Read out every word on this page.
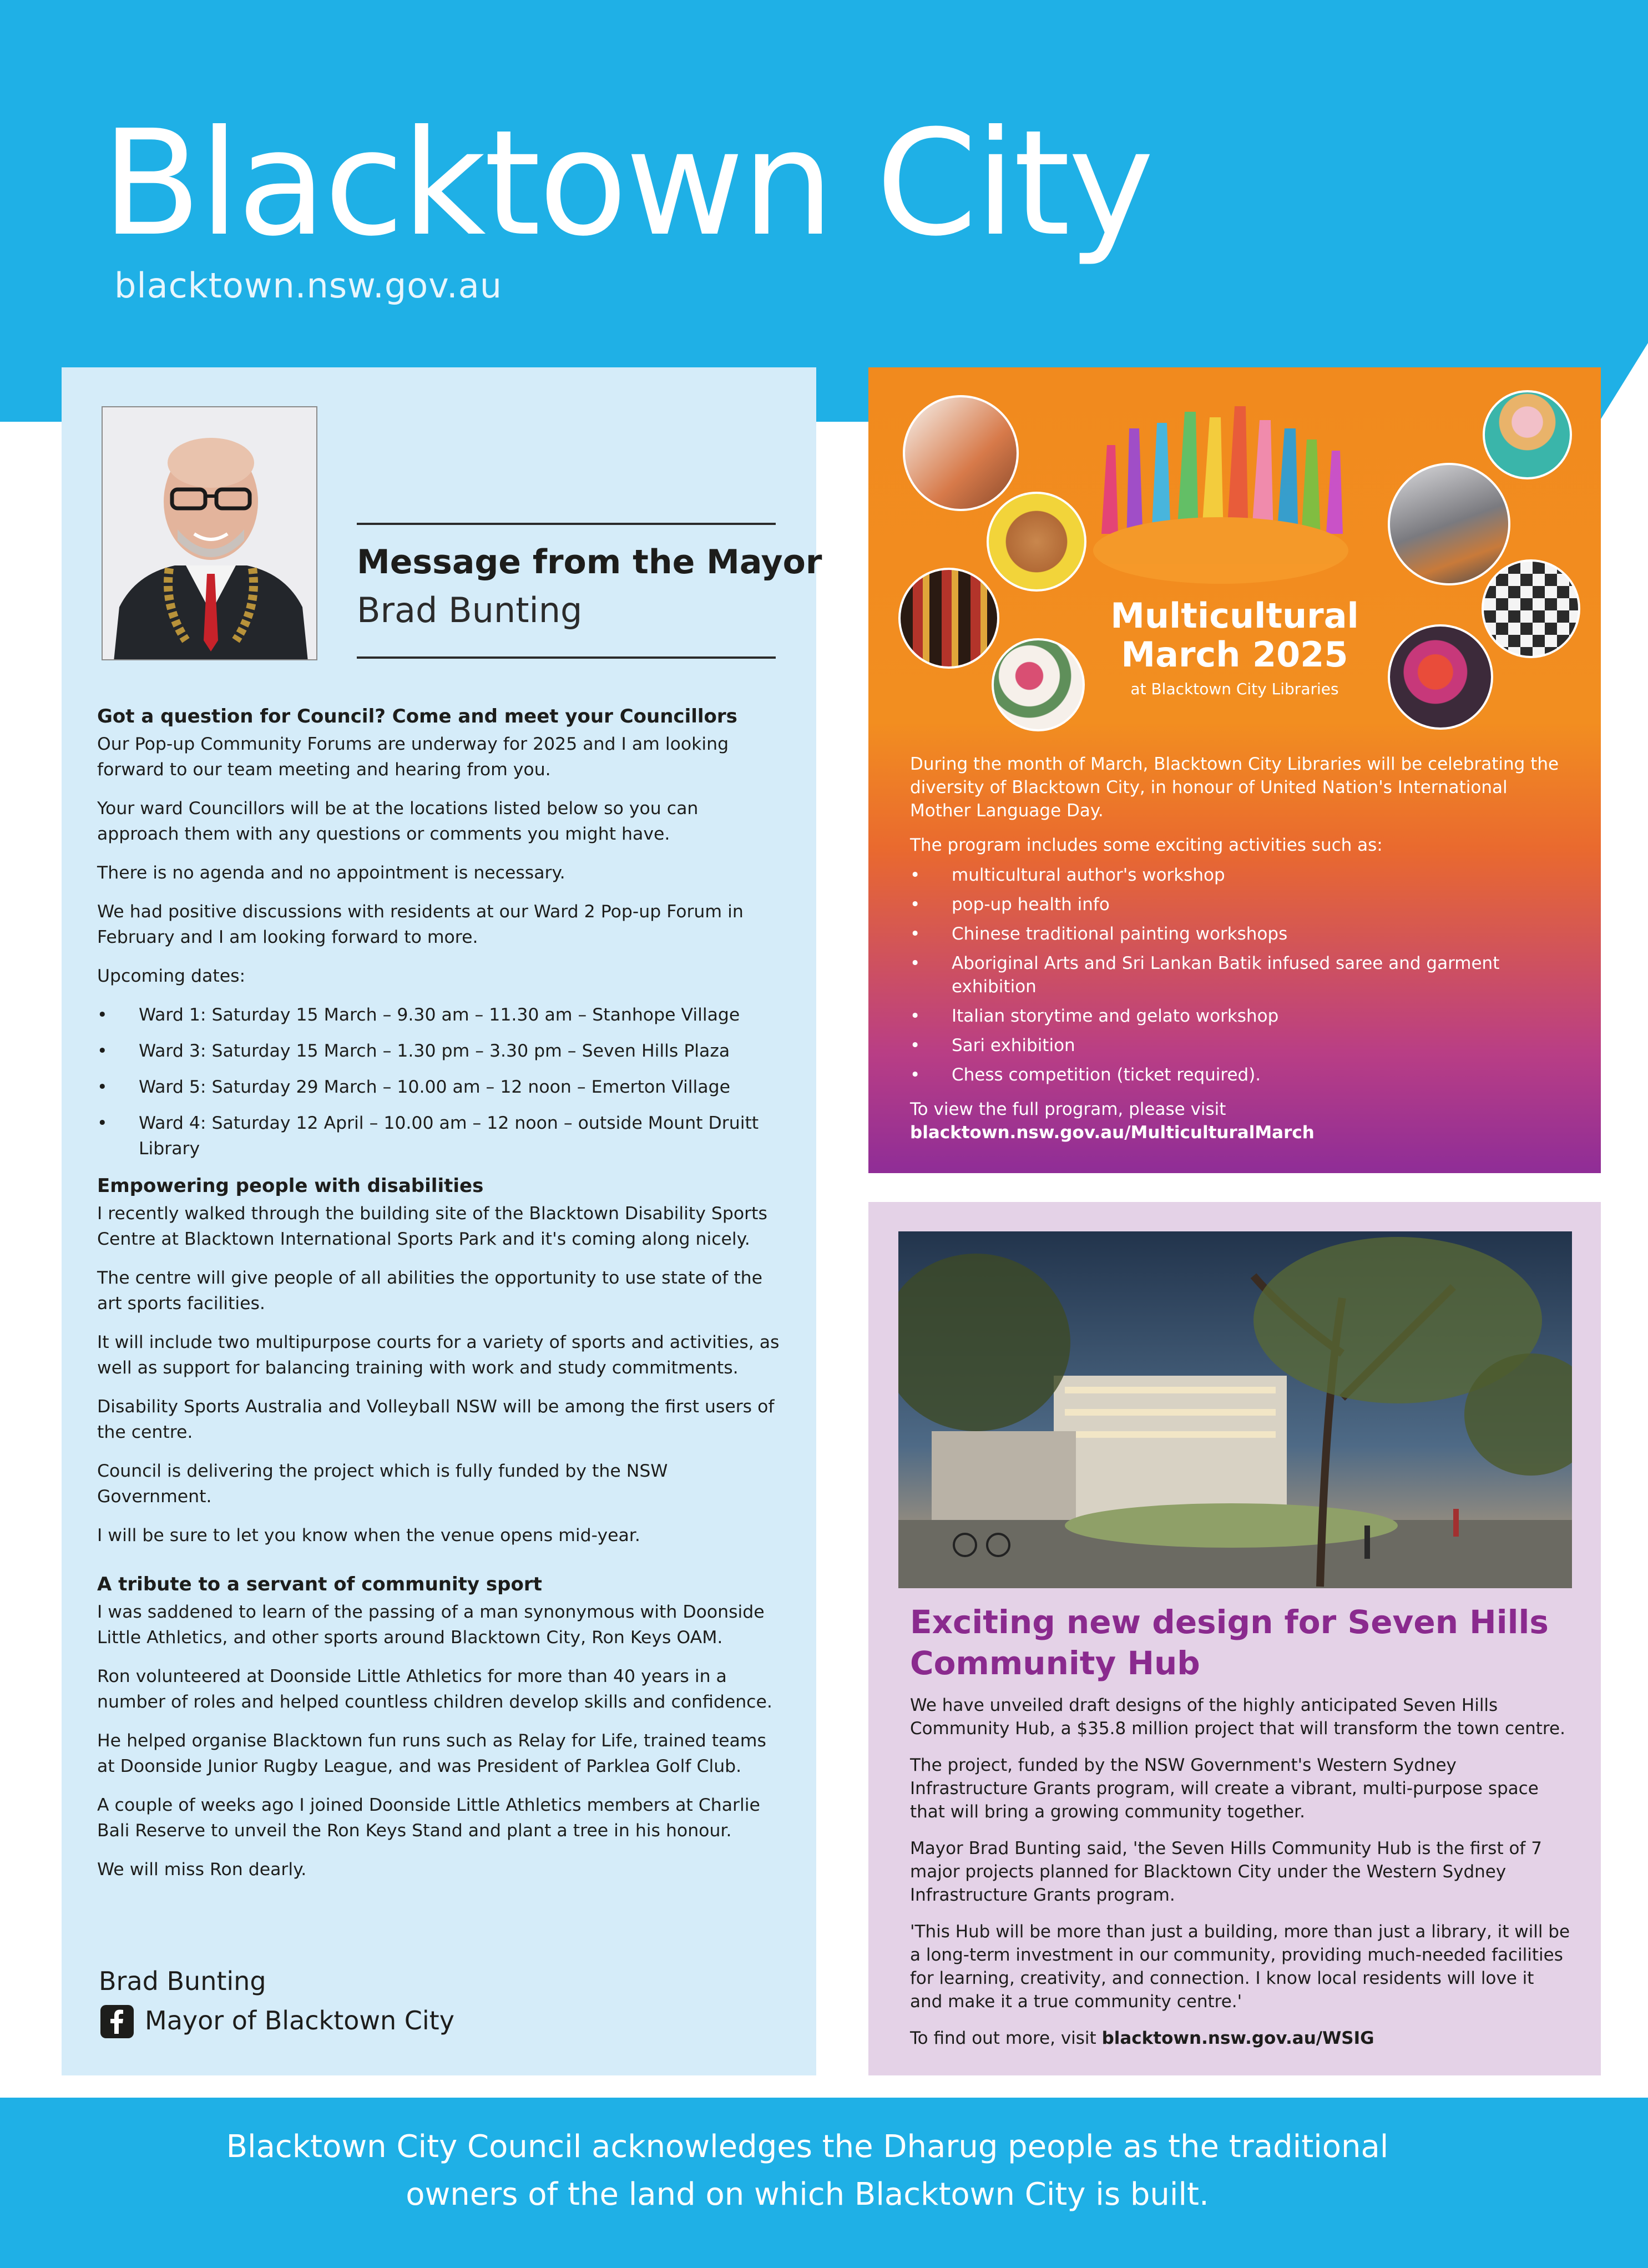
Blacktown City
blacktown.nsw.gov.au
Message from the Mayor
Brad Bunting
Got a question for Council? Come and meet your Councillors

Our Pop-up Community Forums are underway for 2025 and I am looking forward to our team meeting and hearing from you.

Your ward Councillors will be at the locations listed below so you can approach them with any questions or comments you might have.

There is no agenda and no appointment is necessary.

We had positive discussions with residents at our Ward 2 Pop-up Forum in February and I am looking forward to more.

Upcoming dates:

• Ward 1: Saturday 15 March – 9.30 am – 11.30 am – Stanhope Village
• Ward 3: Saturday 15 March – 1.30 pm – 3.30 pm – Seven Hills Plaza
• Ward 5: Saturday 29 March – 10.00 am – 12 noon – Emerton Village
• Ward 4: Saturday 12 April – 10.00 am – 12 noon – outside Mount Druitt Library
Empowering people with disabilities

I recently walked through the building site of the Blacktown Disability Sports Centre at Blacktown International Sports Park and it's coming along nicely.

The centre will give people of all abilities the opportunity to use state of the art sports facilities.

It will include two multipurpose courts for a variety of sports and activities, as well as support for balancing training with work and study commitments.

Disability Sports Australia and Volleyball NSW will be among the first users of the centre.

Council is delivering the project which is fully funded by the NSW Government.

I will be sure to let you know when the venue opens mid-year.

A tribute to a servant of community sport

I was saddened to learn of the passing of a man synonymous with Doonside Little Athletics, and other sports around Blacktown City, Ron Keys OAM.

Ron volunteered at Doonside Little Athletics for more than 40 years in a number of roles and helped countless children develop skills and confidence.

He helped organise Blacktown fun runs such as Relay for Life, trained teams at Doonside Junior Rugby League, and was President of Parklea Golf Club.

A couple of weeks ago I joined Doonside Little Athletics members at Charlie Bali Reserve to unveil the Ron Keys Stand and plant a tree in his honour.

We will miss Ron dearly.

Brad Bunting
Mayor of Blacktown City
Multicultural
March 2025
at Blacktown City Libraries

During the month of March, Blacktown City Libraries will be celebrating the diversity of Blacktown City, in honour of United Nation's International Mother Language Day.

The program includes some exciting activities such as:

• multicultural author's workshop
• pop-up health info
• Chinese traditional painting workshops
• Aboriginal Arts and Sri Lankan Batik infused saree and garment exhibition
• Italian storytime and gelato workshop
• Sari exhibition
• Chess competition (ticket required).
To view the full program, please visit
blacktown.nsw.gov.au/MulticulturalMarch
Exciting new design for Seven Hills Community Hub

We have unveiled draft designs of the highly anticipated Seven Hills Community Hub, a $35.8 million project that will transform the town centre.

The project, funded by the NSW Government's Western Sydney Infrastructure Grants program, will create a vibrant, multi-purpose space that will bring a growing community together.

Mayor Brad Bunting said, 'the Seven Hills Community Hub is the first of 7 major projects planned for Blacktown City under the Western Sydney Infrastructure Grants program.

'This Hub will be more than just a building, more than just a library, it will be a long-term investment in our community, providing much-needed facilities for learning, creativity, and connection. I know local residents will love it and make it a true community centre.'

To find out more, visit blacktown.nsw.gov.au/WSIG

Blacktown City Council acknowledges the Dharug people as the traditional
owners of the land on which Blacktown City is built.
